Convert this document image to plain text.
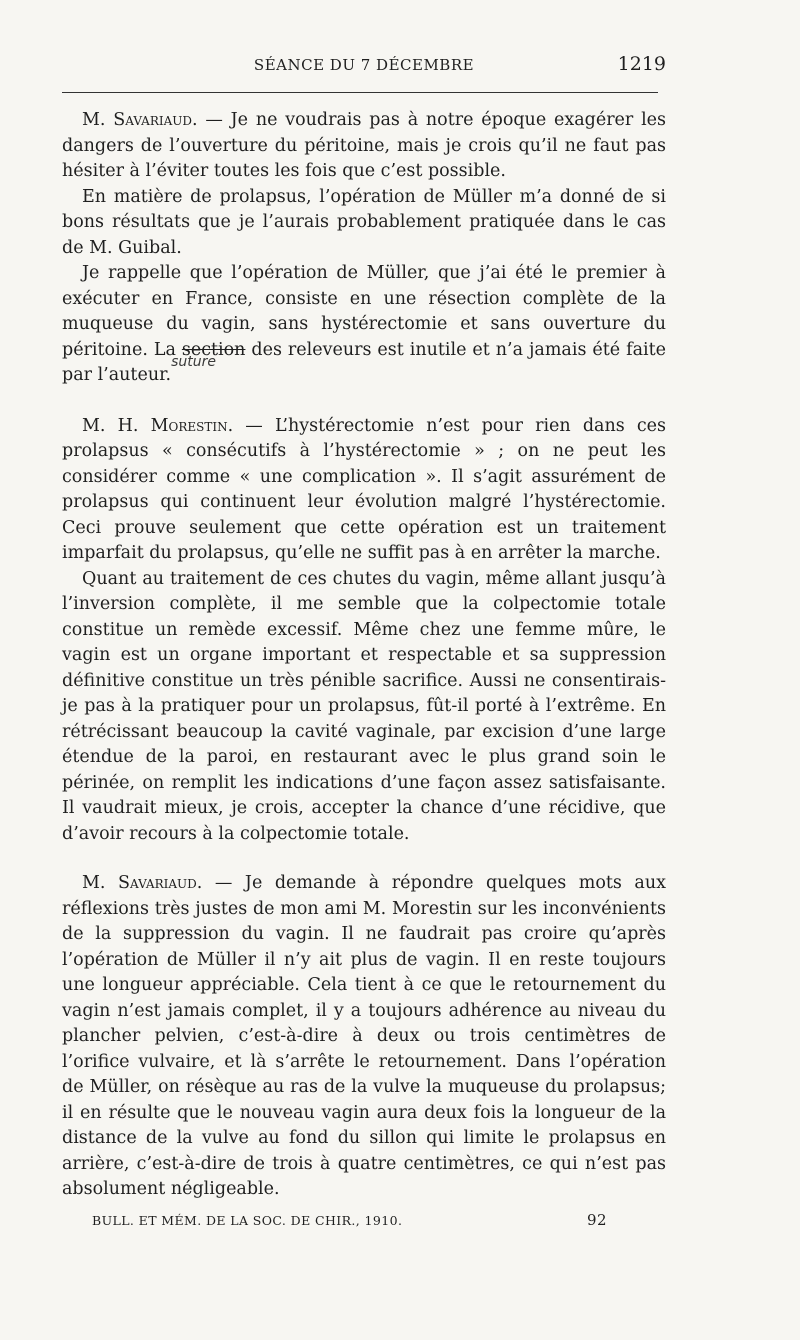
SÉANCE DU 7 DÉCEMBRE	1219

M. Savariaud. — Je ne voudrais pas à notre époque exagérer les dangers de l’ouverture du péritoine, mais je crois qu’il ne faut pas hésiter à l’éviter toutes les fois que c’est possible.

En matière de prolapsus, l’opération de Müller m’a donné de si bons résultats que je l’aurais probablement pratiquée dans le cas de M. Guibal.

Je rappelle que l’opération de Müller, que j’ai été le premier à exécuter en France, consiste en une résection complète de la muqueuse du vagin, sans hystérectomie et sans ouverture du péritoine. La section des releveurs est inutile et n’a jamais été faite par l’auteur.$^{suture}$

M. H. Morestin. — L’hystérectomie n’est pour rien dans ces prolapsus « consécutifs à l’hystérectomie » ; on ne peut les considérer comme « une complication ». Il s’agit assurément de prolapsus qui continuent leur évolution malgré l’hystérectomie. Ceci prouve seulement que cette opération est un traitement imparfait du prolapsus, qu’elle ne suffit pas à en arrêter la marche.

Quant au traitement de ces chutes du vagin, même allant jusqu’à l’inversion complète, il me semble que la colpectomie totale constitue un remède excessif. Même chez une femme mûre, le vagin est un organe important et respectable et sa suppression définitive constitue un très pénible sacrifice. Aussi ne consentirais-je pas à la pratiquer pour un prolapsus, fût-il porté à l’extrême. En rétrécissant beaucoup la cavité vaginale, par excision d’une large étendue de la paroi, en restaurant avec le plus grand soin le périnée, on remplit les indications d’une façon assez satisfaisante. Il vaudrait mieux, je crois, accepter la chance d’une récidive, que d’avoir recours à la colpectomie totale.

M. Savariaud. — Je demande à répondre quelques mots aux réflexions très justes de mon ami M. Morestin sur les inconvénients de la suppression du vagin. Il ne faudrait pas croire qu’après l’opération de Müller il n’y ait plus de vagin. Il en reste toujours une longueur appréciable. Cela tient à ce que le retournement du vagin n’est jamais complet, il y a toujours adhérence au niveau du plancher pelvien, c’est-à-dire à deux ou trois centimètres de l’orifice vulvaire, et là s’arrête le retournement. Dans l’opération de Müller, on résèque au ras de la vulve la muqueuse du prolapsus; il en résulte que le nouveau vagin aura deux fois la longueur de la distance de la vulve au fond du sillon qui limite le prolapsus en arrière, c’est-à-dire de trois à quatre centimètres, ce qui n’est pas absolument négligeable.

BULL. ET MÉM. DE LA SOC. DE CHIR., 1910.	92
